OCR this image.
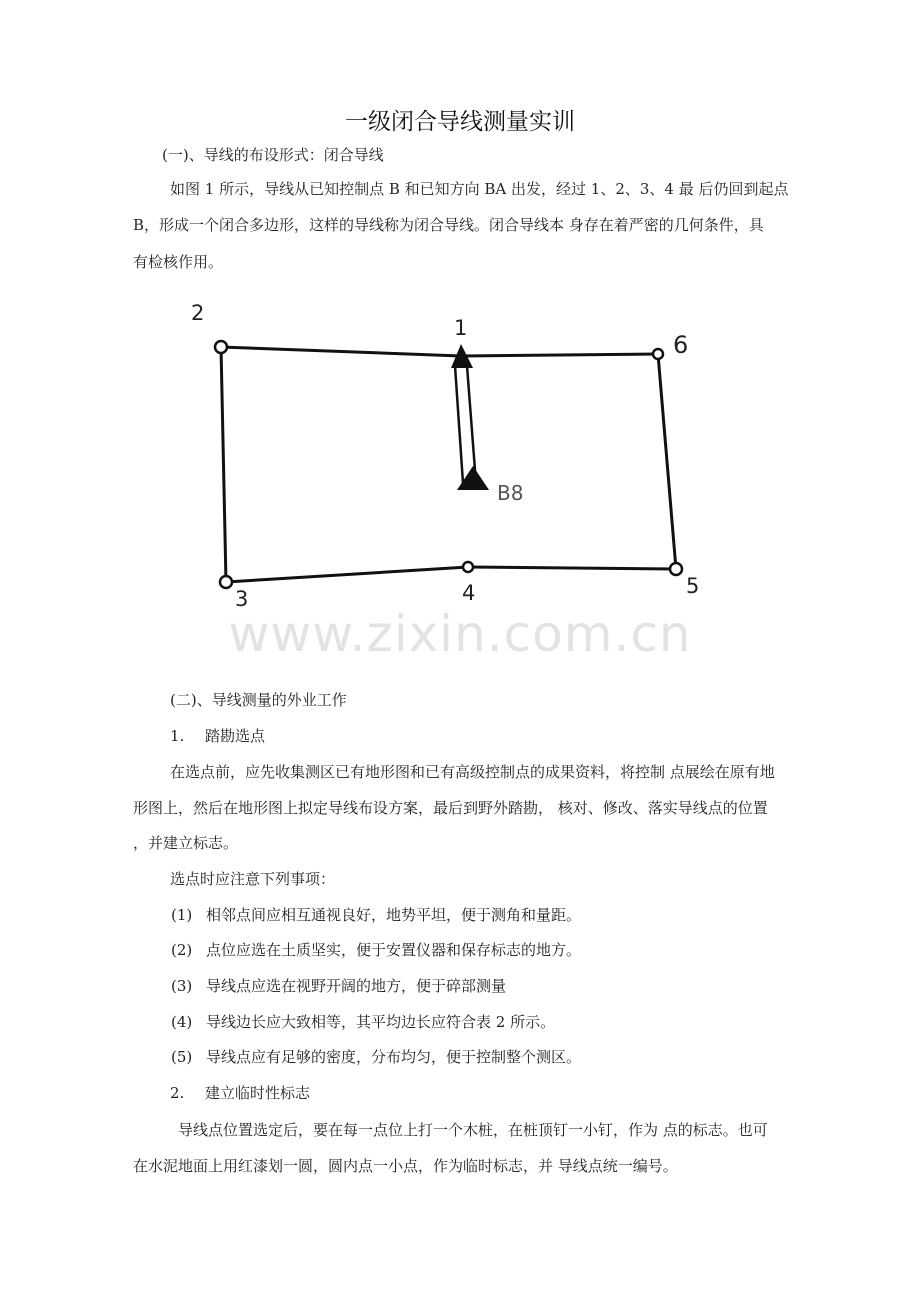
一级闭合导线测量实训
(一)、导线的布设形式：闭合导线
如图 1 所示，导线从已知控制点 B 和已知方向 BA 出发，经过 1、2、3、4 最 后仍回到起点
B，形成一个闭合多边形，这样的导线称为闭合导线。闭合导线本 身存在着严密的几何条件，具
有检核作用。
2
1
6
B8
3	4	5
www.zixin.com.cn
(二)、导线测量的外业工作
1. 踏勘选点
在选点前，应先收集测区已有地形图和已有高级控制点的成果资料，将控制 点展绘在原有地
形图上，然后在地形图上拟定导线布设方案，最后到野外踏勘， 核对、修改、落实导线点的位置
，并建立标志。
选点时应注意下列事项：
(1) 相邻点间应相互通视良好，地势平坦，便于测角和量距。
(2) 点位应选在土质坚实，便于安置仪器和保存标志的地方。
(3) 导线点应选在视野开阔的地方，便于碎部测量
(4) 导线边长应大致相等，其平均边长应符合表 2 所示。
(5) 导线点应有足够的密度，分布均匀，便于控制整个测区。
2. 建立临时性标志
导线点位置选定后，要在每一点位上打一个木桩，在桩顶钉一小钉，作为 点的标志。也可
在水泥地面上用红漆划一圆，圆内点一小点，作为临时标志，并 导线点统一编号。
